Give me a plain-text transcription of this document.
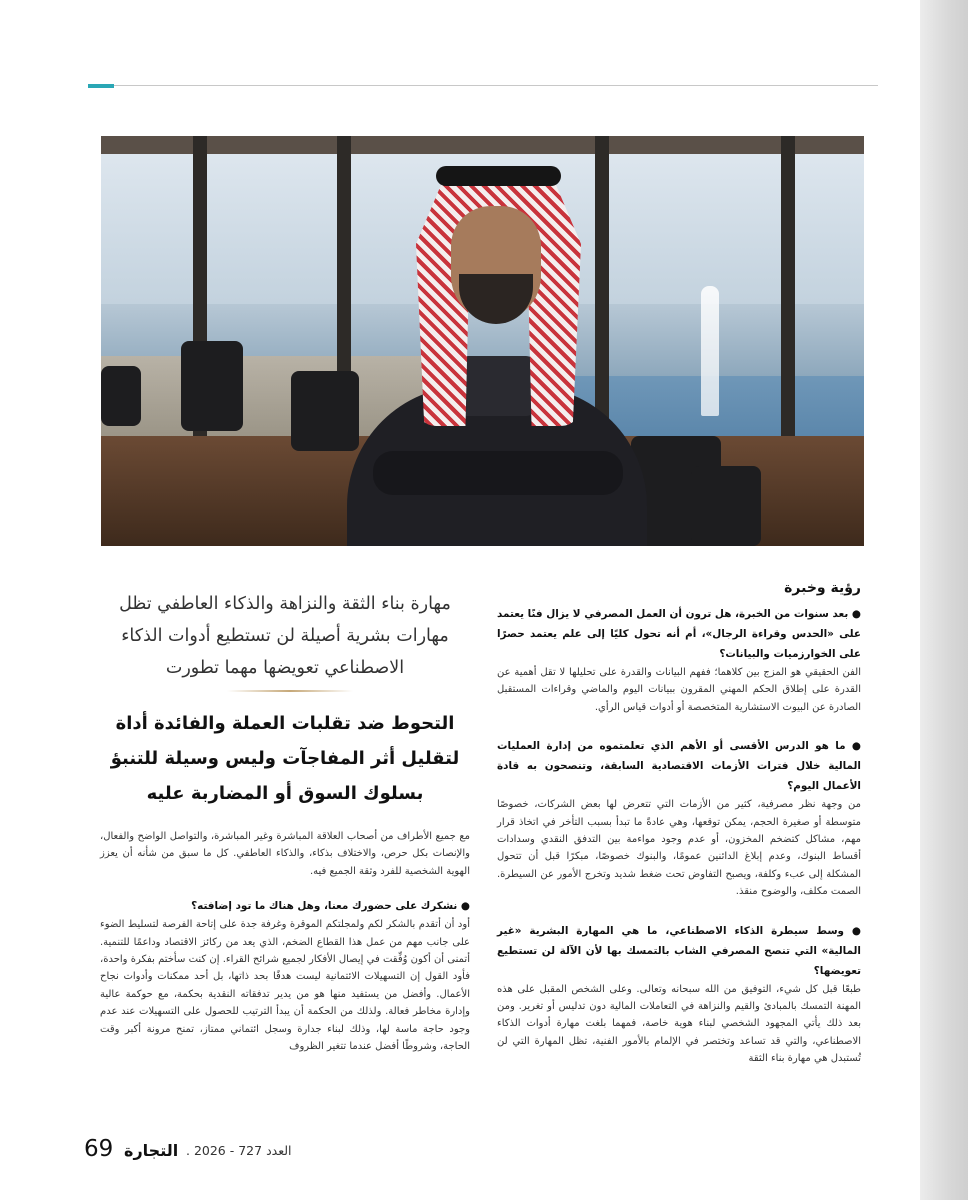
رؤية وخبرة

● بعد سنوات من الخبرة، هل ترون أن العمل المصرفي لا يزال فنًا يعتمد على «الحدس وقراءة الرجال»، أم أنه تحول كليًا إلى علم يعتمد حصرًا على الخوارزميات والبيانات؟

الفن الحقيقي هو المزج بين كلاهما؛ ففهم البيانات والقدرة على تحليلها لا تقل أهمية عن القدرة على إطلاق الحكم المهني المقرون ببيانات اليوم والماضي وقراءات المستقبل الصادرة عن البيوت الاستشارية المتخصصة أو أدوات قياس الرأي.

● ما هو الدرس الأقسى أو الأهم الذي تعلمتموه من إدارة العمليات المالية خلال فترات الأزمات الاقتصادية السابقة، وتنصحون به قادة الأعمال اليوم؟

من وجهة نظر مصرفية، كثير من الأزمات التي تتعرض لها بعض الشركات، خصوصًا متوسطة أو صغيرة الحجم، يمكن توقعها، وهي عادةً ما تبدأ بسبب التأخر في اتخاذ قرار مهم، مشاكل كتضخم المخزون، أو عدم وجود مواءمة بين التدفق النقدي وسدادات أقساط البنوك، وعدم إبلاغ الدائنين عمومًا، والبنوك خصوصًا، مبكرًا قبل أن تتحول المشكلة إلى عبء وكلفة، ويصبح التفاوض تحت ضغط شديد وتخرج الأمور عن السيطرة. الصمت مكلف، والوضوح منقذ.

● وسط سيطرة الذكاء الاصطناعي، ما هي المهارة البشرية «غير المالية» التي تنصح المصرفي الشاب بالتمسك بها لأن الآلة لن تستطيع تعويضها؟

طبعًا قبل كل شيء، التوفيق من الله سبحانه وتعالى. وعلى الشخص المقبل على هذه المهنة التمسك بالمبادئ والقيم والنزاهة في التعاملات المالية دون تدليس أو تغرير. ومن بعد ذلك يأتي المجهود الشخصي لبناء هوية خاصة، فمهما بلغت مهارة أدوات الذكاء الاصطناعي، والتي قد تساعد وتختصر في الإلمام بالأمور الفنية، تظل المهارة التي لن تُستبدل هي مهارة بناء الثقة

مهارة بناء الثقة والنزاهة والذكاء العاطفي تظل مهارات بشرية أصيلة لن تستطيع أدوات الذكاء الاصطناعي تعويضها مهما تطورت
التحوط ضد تقلبات العملة والفائدة أداة لتقليل أثر المفاجآت وليس وسيلة للتنبؤ بسلوك السوق أو المضاربة عليه

مع جميع الأطراف من أصحاب العلاقة المباشرة وغير المباشرة، والتواصل الواضح والفعال، والإنصات بكل حرص، والاختلاف بذكاء، والذكاء العاطفي. كل ما سبق من شأنه أن يعزز الهوية الشخصية للفرد وثقة الجميع فيه.

● نشكرك على حضورك معنا، وهل هناك ما تود إضافته؟

أود أن أتقدم بالشكر لكم ولمجلتكم الموقرة وغرفة جدة على إتاحة الفرصة لتسليط الضوء على جانب مهم من عمل هذا القطاع الضخم، الذي يعد من ركائز الاقتصاد وداعمًا للتنمية. أتمنى أن أكون وُفِّقت في إيصال الأفكار لجميع شرائح القراء. إن كنت سأختم بفكرة واحدة، فأود القول إن التسهيلات الائتمانية ليست هدفًا بحد ذاتها، بل أحد ممكنات وأدوات نجاح الأعمال. وأفضل من يستفيد منها هو من يدير تدفقاته النقدية بحكمة، مع حوكمة عالية وإدارة مخاطر فعالة. ولذلك من الحكمة أن يبدأ الترتيب للحصول على التسهيلات عند عدم وجود حاجة ماسة لها، وذلك لبناء جدارة وسجل ائتماني ممتاز، تمنح مرونة أكبر وقت الحاجة، وشروطًا أفضل عندما تتغير الظروف

69 التجارة العدد 727 - 2026 .
